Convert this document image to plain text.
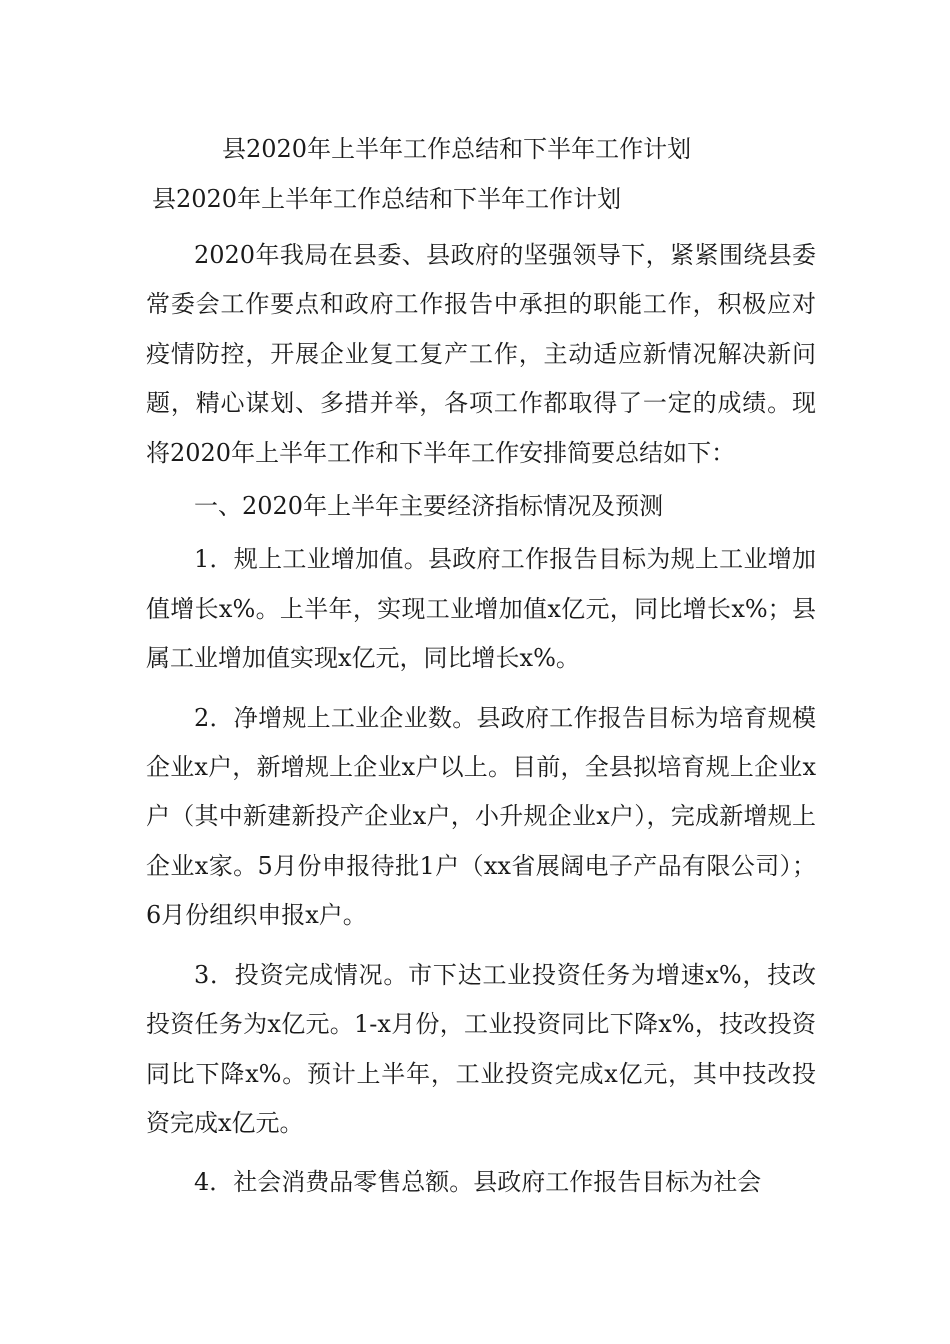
县2020年上半年工作总结和下半年工作计划
县2020年上半年工作总结和下半年工作计划

2020年我局在县委、县政府的坚强领导下，紧紧围绕县委常委会工作要点和政府工作报告中承担的职能工作，积极应对疫情防控，开展企业复工复产工作，主动适应新情况解决新问题，精心谋划、多措并举，各项工作都取得了一定的成绩。现将2020年上半年工作和下半年工作安排简要总结如下：

一、2020年上半年主要经济指标情况及预测

1．规上工业增加值。县政府工作报告目标为规上工业增加值增长x%。上半年，实现工业增加值x亿元，同比增长x%；县属工业增加值实现x亿元，同比增长x%。

2．净增规上工业企业数。县政府工作报告目标为培育规模企业x户，新增规上企业x户以上。目前，全县拟培育规上企业x户（其中新建新投产企业x户，小升规企业x户），完成新增规上企业x家。5月份申报待批1户（xx省展阔电子产品有限公司）；6月份组织申报x户。

3．投资完成情况。市下达工业投资任务为增速x%，技改投资任务为x亿元。1-x月份，工业投资同比下降x%，技改投资同比下降x%。预计上半年，工业投资完成x亿元，其中技改投资完成x亿元。

4．社会消费品零售总额。县政府工作报告目标为社会
